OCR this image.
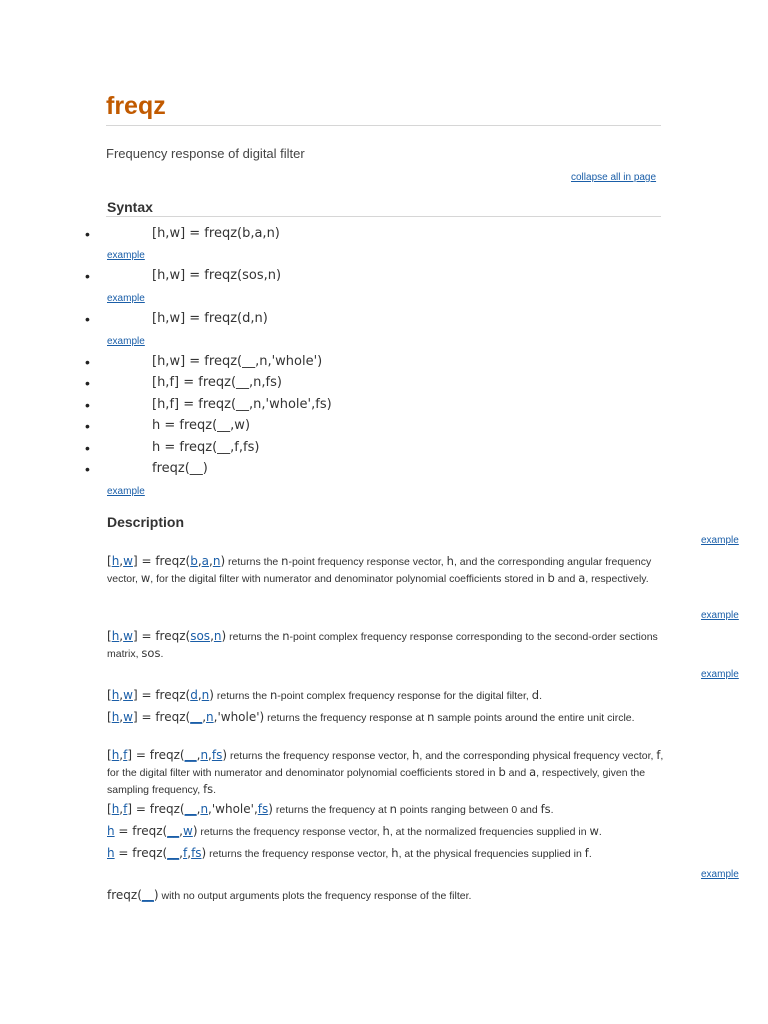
freqz
Frequency response of digital filter
collapse all in page
Syntax
•	[h,w] = freqz(b,a,n)
example
•	[h,w] = freqz(sos,n)
example
•	[h,w] = freqz(d,n)
example
•	[h,w] = freqz(__,n,'whole')
•	[h,f] = freqz(__,n,fs)
•	[h,f] = freqz(__,n,'whole',fs)
•	h = freqz(__,w)
•	h = freqz(__,f,fs)
•	freqz(__)
example
Description
example
[h,w] = freqz(b,a,n) returns the n-point frequency response vector, h, and the corresponding angular frequency vector, w, for the digital filter with numerator and denominator polynomial coefficients stored in b and a, respectively.
example
[h,w] = freqz(sos,n) returns the n-point complex frequency response corresponding to the second-order sections matrix, sos.
example
[h,w] = freqz(d,n) returns the n-point complex frequency response for the digital filter, d.
[h,w] = freqz(__,n,'whole') returns the frequency response at n sample points around the entire unit circle.
[h,f] = freqz(__,n,fs) returns the frequency response vector, h, and the corresponding physical frequency vector, f, for the digital filter with numerator and denominator polynomial coefficients stored in b and a, respectively, given the sampling frequency, fs.
[h,f] = freqz(__,n,'whole',fs) returns the frequency at n points ranging between 0 and fs.
h = freqz(__,w) returns the frequency response vector, h, at the normalized frequencies supplied in w.
h = freqz(__,f,fs) returns the frequency response vector, h, at the physical frequencies supplied in f.
example
freqz(__) with no output arguments plots the frequency response of the filter.
